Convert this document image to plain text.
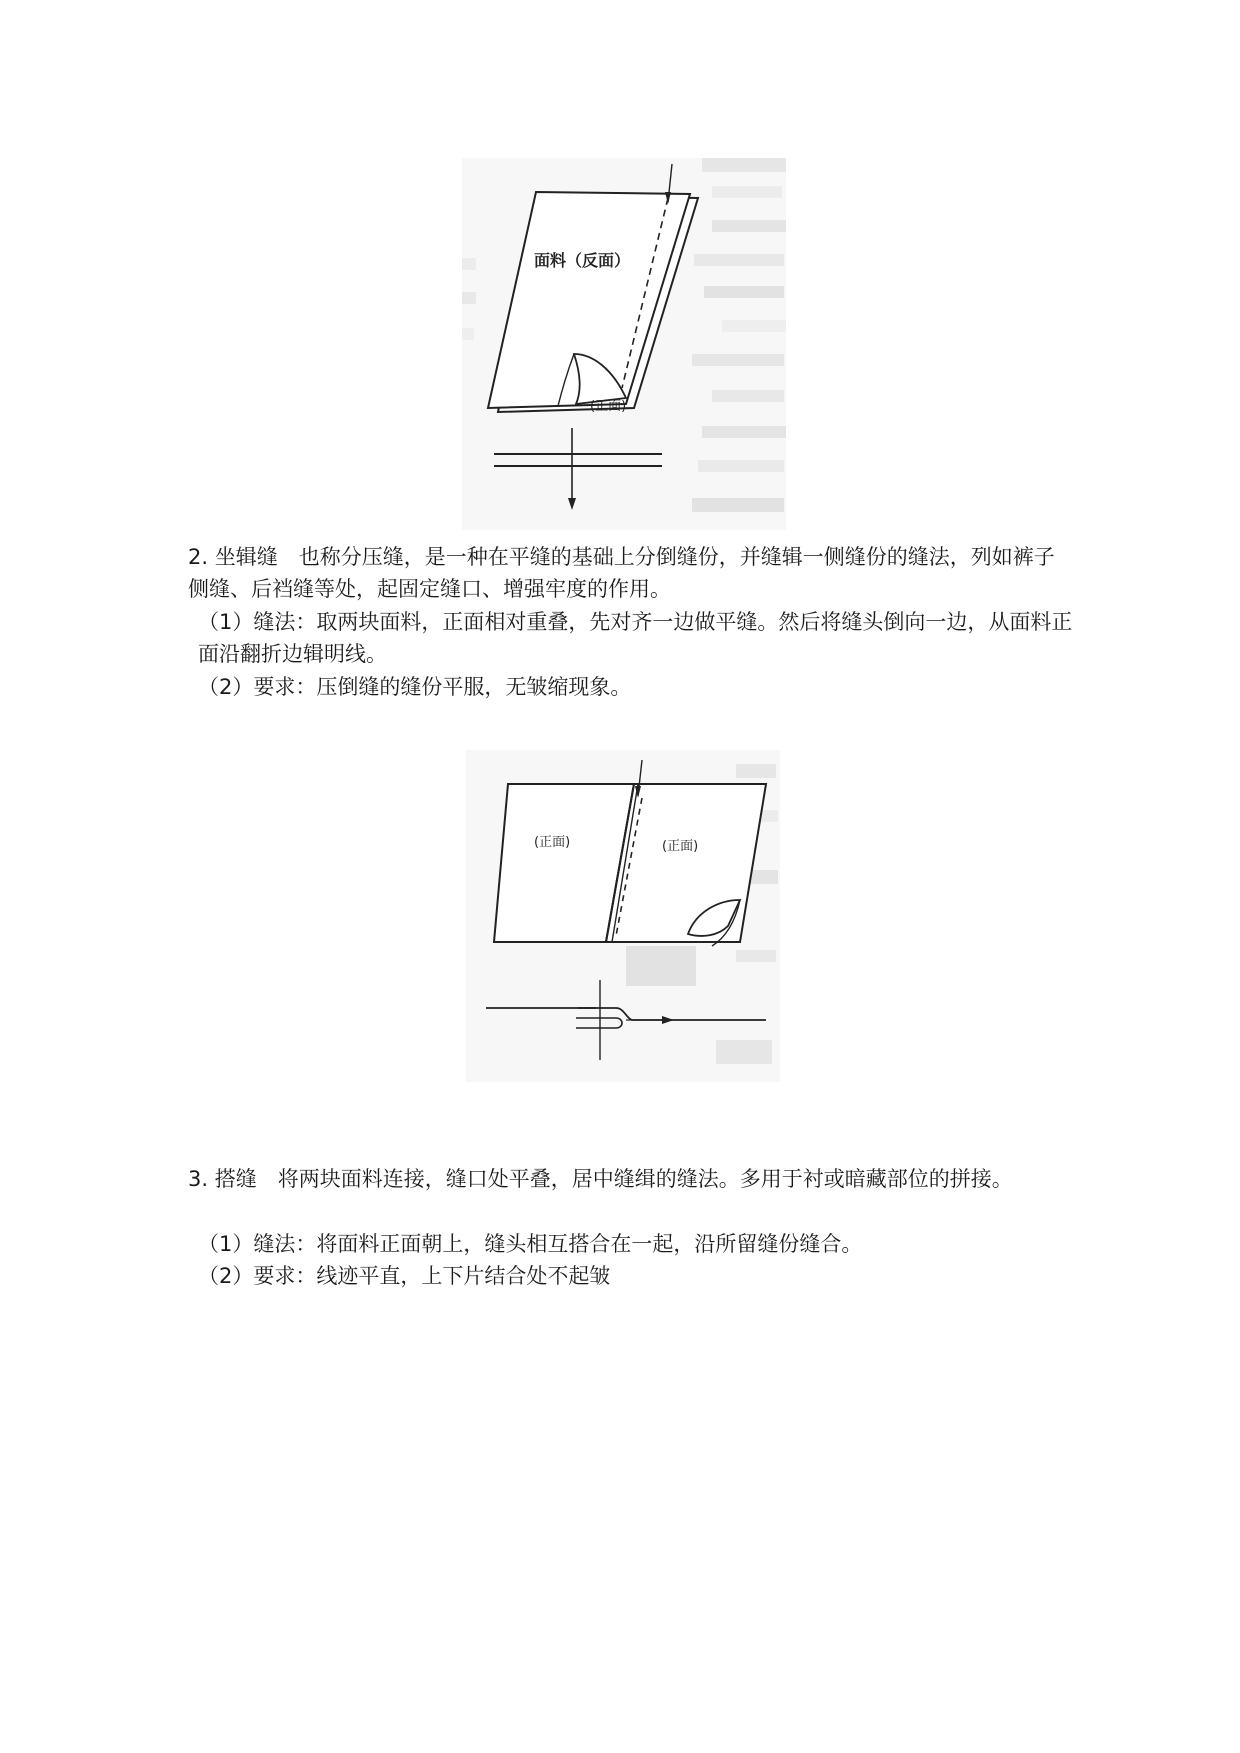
面料（反面）
(正面)

2. 坐辑缝　也称分压缝，是一种在平缝的基础上分倒缝份，并缝辑一侧缝份的缝法，列如裤子侧缝、后裆缝等处，起固定缝口、增强牢度的作用。

（1）缝法：取两块面料，正面相对重叠，先对齐一边做平缝。然后将缝头倒向一边，从面料正面沿翻折边辑明线。

（2）要求：压倒缝的缝份平服，无皱缩现象。

(正面)	(正面)

3. 搭缝　将两块面料连接，缝口处平叠，居中缝缉的缝法。多用于衬或暗藏部位的拼接。

（1）缝法：将面料正面朝上，缝头相互搭合在一起，沿所留缝份缝合。

（2）要求：线迹平直，上下片结合处不起皱
